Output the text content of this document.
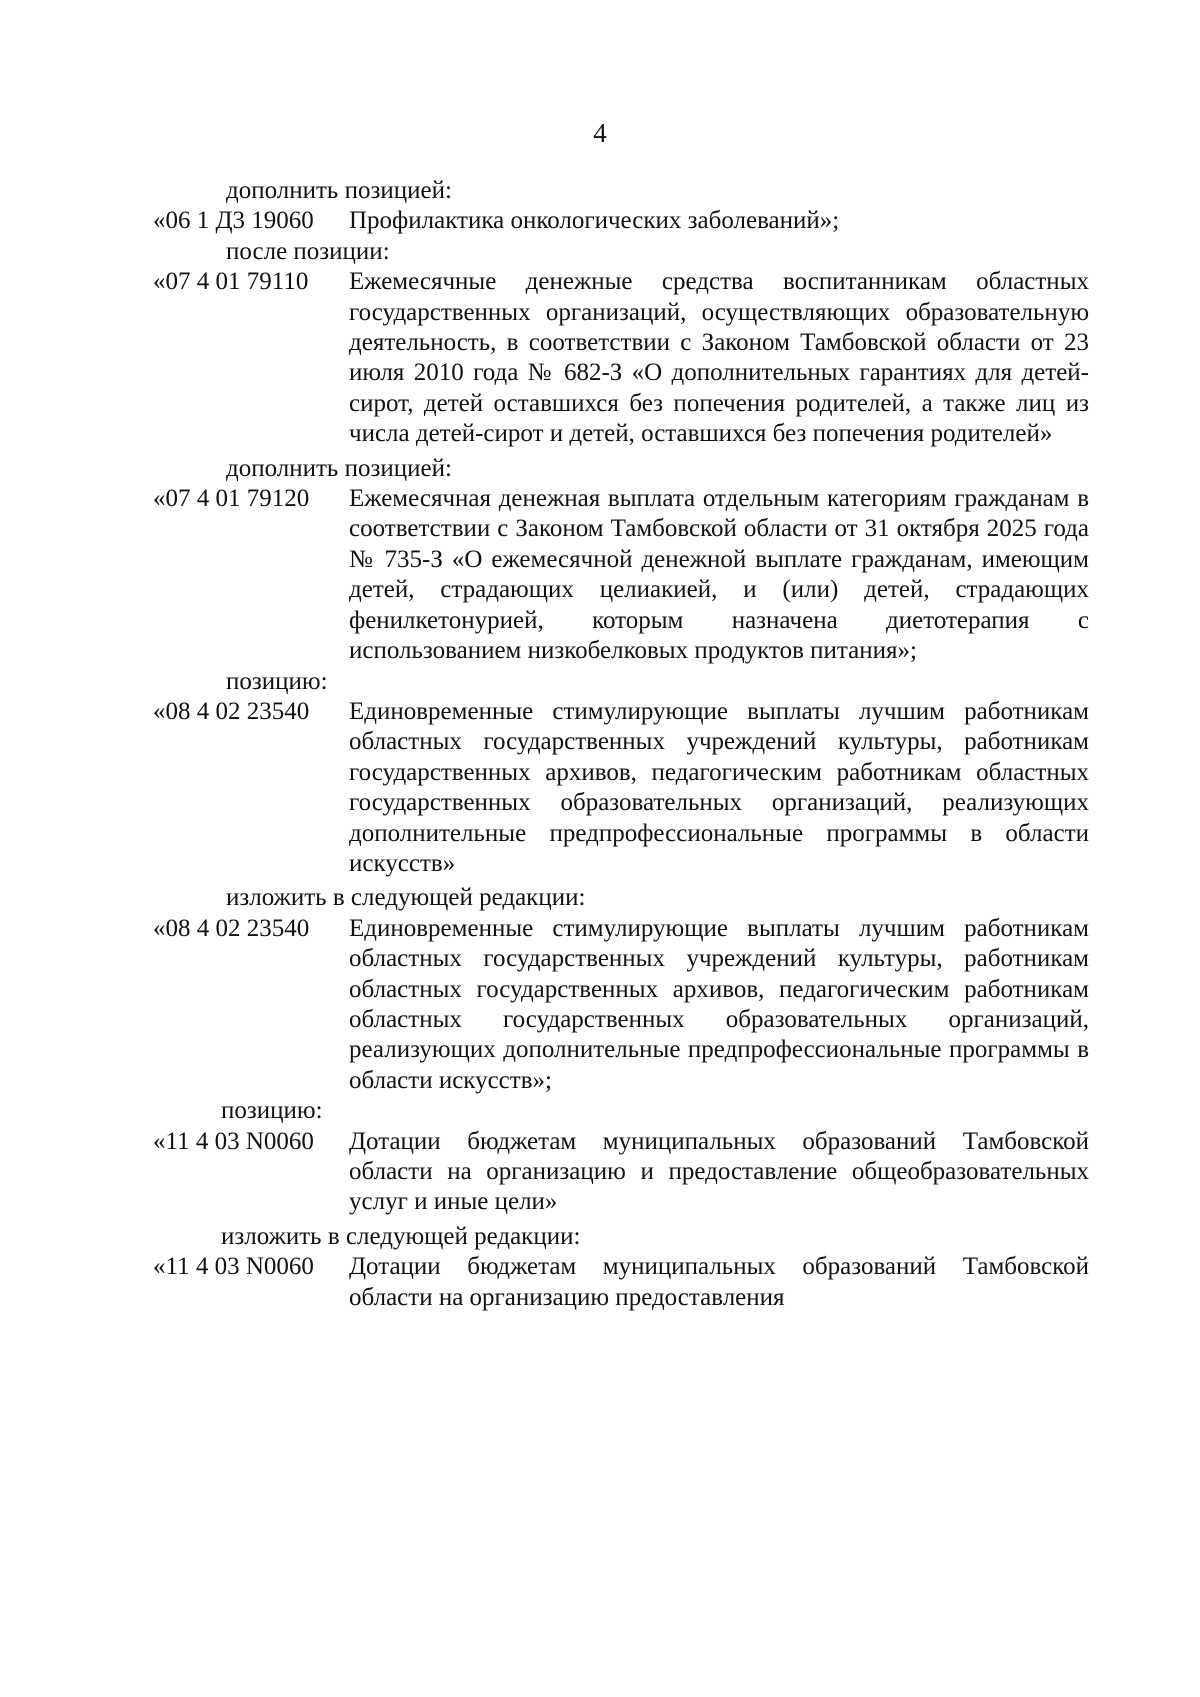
4

дополнить позицией:

«06 1 Д3 19060	Профилактика онкологических заболеваний»;

после позиции:

«07 4 01 79110	Ежемесячные денежные средства воспитанникам областных государственных организаций, осуществляющих образовательную деятельность, в соответствии с Законом Тамбовской области от 23 июля 2010 года № 682-З «О дополнительных гарантиях для детей-сирот, детей оставшихся без попечения родителей, а также лиц из числа детей-сирот и детей, оставшихся без попечения родителей»

дополнить позицией:

«07 4 01 79120	Ежемесячная денежная выплата отдельным категориям гражданам в соответствии с Законом Тамбовской области от 31 октября 2025 года № 735-З «О ежемесячной денежной выплате гражданам, имеющим детей, страдающих целиакией, и (или) детей, страдающих фенилкетонурией, которым назначена диетотерапия с использованием низкобелковых продуктов питания»;

позицию:

«08 4 02 23540	Единовременные стимулирующие выплаты лучшим работникам областных государственных учреждений культуры, работникам государственных архивов, педагогическим работникам областных государственных образовательных организаций, реализующих дополнительные предпрофессиональные программы в области искусств»

изложить в следующей редакции:

«08 4 02 23540	Единовременные стимулирующие выплаты лучшим работникам областных государственных учреждений культуры, работникам областных государственных архивов, педагогическим работникам областных государственных образовательных организаций, реализующих дополнительные предпрофессиональные программы в области искусств»;

позицию:

«11 4 03 N0060	Дотации бюджетам муниципальных образований Тамбовской области на организацию и предоставление общеобразовательных услуг и иные цели»

изложить в следующей редакции:

«11 4 03 N0060	Дотации бюджетам муниципальных образований Тамбовской области на организацию предоставления
